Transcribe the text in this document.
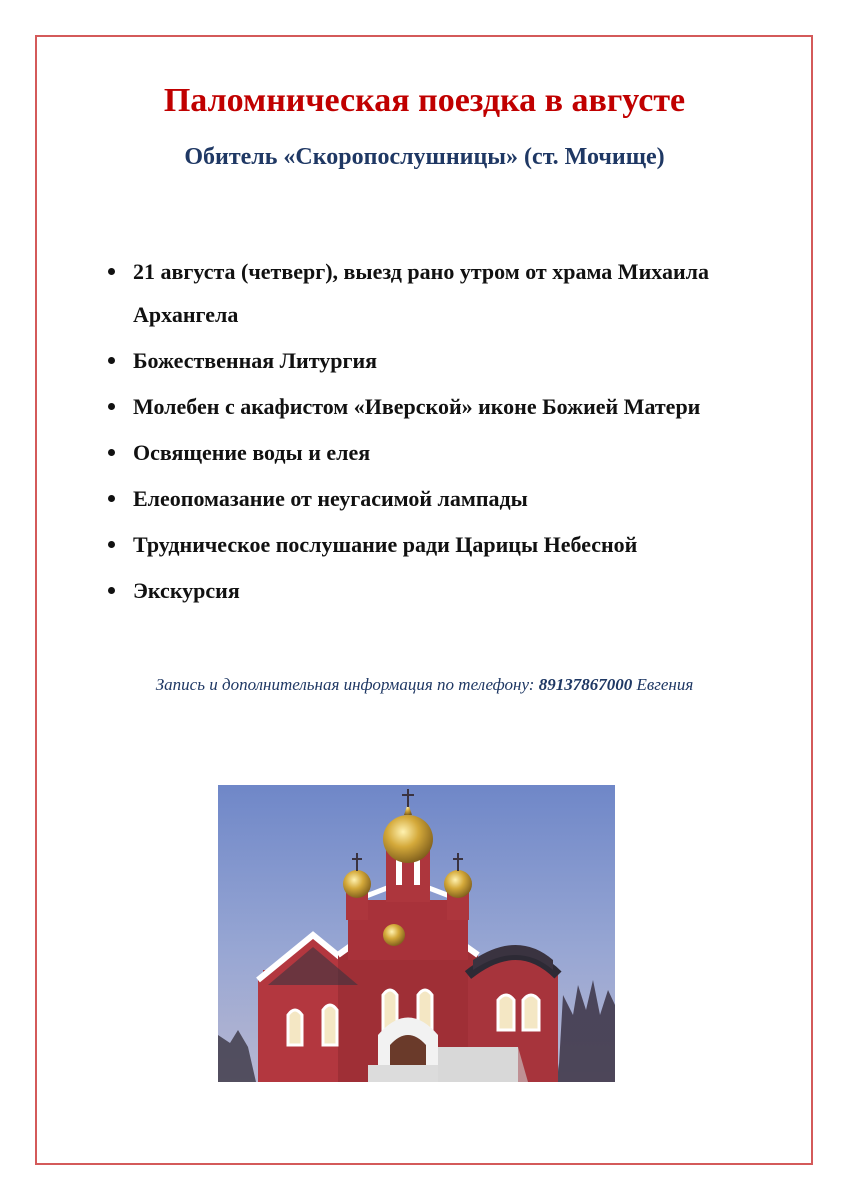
Паломническая поездка в августе
Обитель «Скоропослушницы» (ст. Мочище)
21 августа (четверг), выезд рано утром от храма Михаила Архангела
Божественная Литургия
Молебен с акафистом «Иверской» иконе Божией Матери
Освящение воды и елея
Елеопомазание от неугасимой лампады
Трудническое послушание ради Царицы Небесной
Экскурсия

Запись и дополнительная информация по телефону: 89137867000 Евгения
